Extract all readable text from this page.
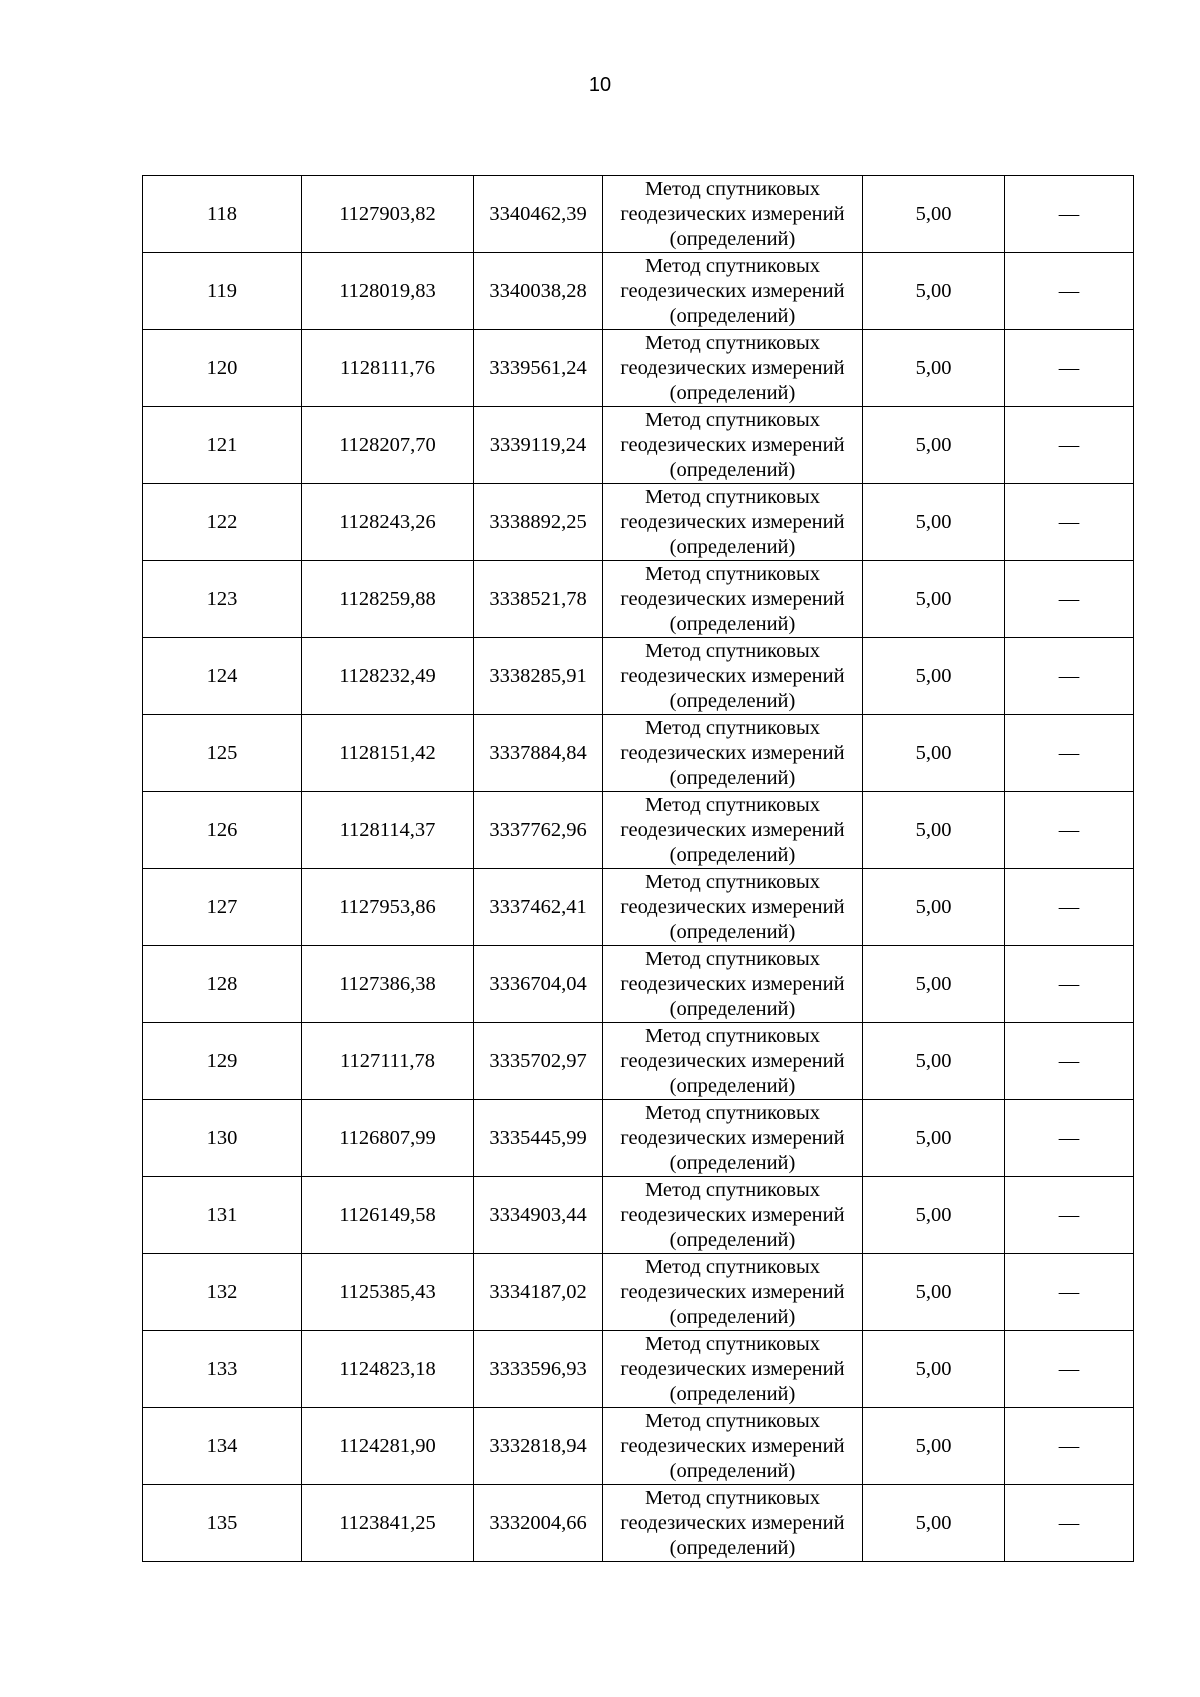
10
118	1127903,82	3340462,39	Метод спутниковых
геодезических измерений
(определений)	5,00	—
119	1128019,83	3340038,28	Метод спутниковых
геодезических измерений
(определений)	5,00	—
120	1128111,76	3339561,24	Метод спутниковых
геодезических измерений
(определений)	5,00	—
121	1128207,70	3339119,24	Метод спутниковых
геодезических измерений
(определений)	5,00	—
122	1128243,26	3338892,25	Метод спутниковых
геодезических измерений
(определений)	5,00	—
123	1128259,88	3338521,78	Метод спутниковых
геодезических измерений
(определений)	5,00	—
124	1128232,49	3338285,91	Метод спутниковых
геодезических измерений
(определений)	5,00	—
125	1128151,42	3337884,84	Метод спутниковых
геодезических измерений
(определений)	5,00	—
126	1128114,37	3337762,96	Метод спутниковых
геодезических измерений
(определений)	5,00	—
127	1127953,86	3337462,41	Метод спутниковых
геодезических измерений
(определений)	5,00	—
128	1127386,38	3336704,04	Метод спутниковых
геодезических измерений
(определений)	5,00	—
129	1127111,78	3335702,97	Метод спутниковых
геодезических измерений
(определений)	5,00	—
130	1126807,99	3335445,99	Метод спутниковых
геодезических измерений
(определений)	5,00	—
131	1126149,58	3334903,44	Метод спутниковых
геодезических измерений
(определений)	5,00	—
132	1125385,43	3334187,02	Метод спутниковых
геодезических измерений
(определений)	5,00	—
133	1124823,18	3333596,93	Метод спутниковых
геодезических измерений
(определений)	5,00	—
134	1124281,90	3332818,94	Метод спутниковых
геодезических измерений
(определений)	5,00	—
135	1123841,25	3332004,66	Метод спутниковых
геодезических измерений
(определений)	5,00	—
